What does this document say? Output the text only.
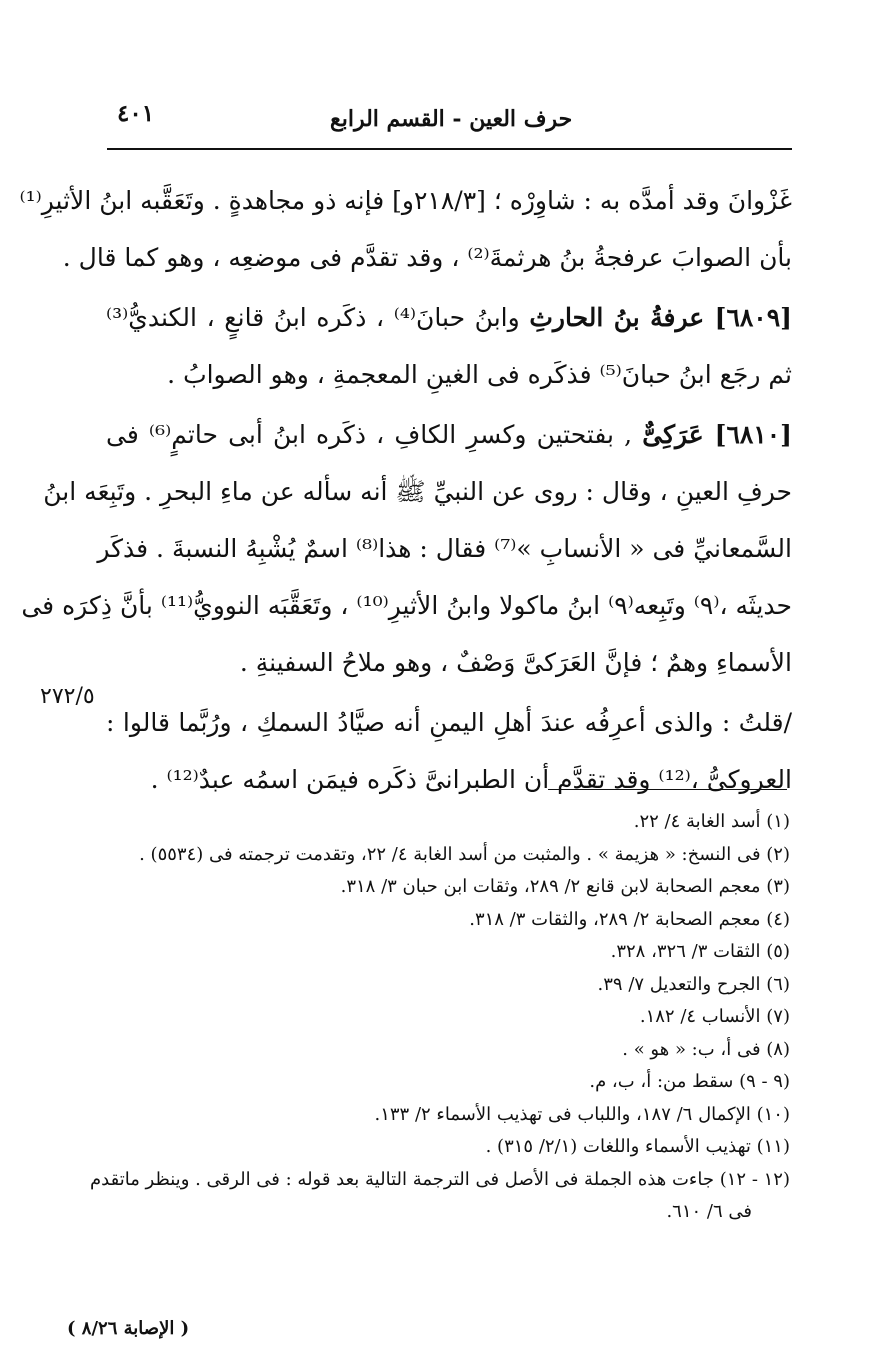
٤٠١	حرف العين - القسم الرابع
غَزْوانَ وقد أمدَّه به : شاوِرْه ؛ [٢١٨/٣و] فإنه ذو مجاهدةٍ . وتَعَقَّبه ابنُ الأثيرِ⁽¹⁾
بأن الصوابَ عرفجةُ بنُ هرثمةَ⁽²⁾ ، وقد تقدَّم فى موضعِه ، وهو كما قال .
[٦٨٠٩] عرفةُ بنُ الحارثِ وابنُ حبانَ⁽⁴⁾ ، ذكَره ابنُ قانعٍ ، الكنديُّ⁽³⁾
ثم رجَع ابنُ حبانَ⁽⁵⁾ فذكَره فى الغينِ المعجمةِ ، وهو الصوابُ .
[٦٨١٠] عَرَكِىٌّ , بفتحتين وكسرِ الكافِ ، ذكَره ابنُ أبى حاتمٍ⁽⁶⁾ فى
حرفِ العينِ ، وقال : روى عن النبيِّ ﷺ أنه سأله عن ماءِ البحرِ . وتَبِعَه ابنُ
السَّمعانيِّ فى « الأنسابِ »⁽⁷⁾ فقال : هذا⁽⁸⁾ اسمٌ يُشْبِهُ النسبةَ . فذكَر
حديثَه ،⁽٩⁾ وتَبِعه⁽٩⁾ ابنُ ماكولا وابنُ الأثيرِ⁽¹⁰⁾ ، وتَعَقَّبَه النوويُّ⁽¹¹⁾ بأنَّ ذِكرَه فى
الأسماءِ وهمٌ ؛ فإنَّ العَرَكىَّ وَصْفٌ ، وهو ملاحُ السفينةِ .
/قلتُ : والذى أعرِفُه عندَ أهلِ اليمنِ أنه صيَّادُ السمكِ ، ورُبَّما قالوا :
العروكىُّ ،⁽¹²⁾ وقد تقدَّم أن الطبرانىَّ ذكَره فيمَن اسمُه عبدٌ⁽¹²⁾ .
٢٧٢/٥
(١) أسد الغابة ٤/ ٢٢.
(٢) فى النسخ: « هزيمة » . والمثبت من أسد الغابة ٤/ ٢٢، وتقدمت ترجمته فى (٥٥٣٤) .
(٣) معجم الصحابة لابن قانع ٢/ ٢٨٩، وثقات ابن حبان ٣/ ٣١٨.
(٤) معجم الصحابة ٢/ ٢٨٩، والثقات ٣/ ٣١٨.
(٥) الثقات ٣/ ٣٢٦، ٣٢٨.
(٦) الجرح والتعديل ٧/ ٣٩.
(٧) الأنساب ٤/ ١٨٢.
(٨) فى أ، ب: « هو » .
(٩ - ٩) سقط من: أ، ب، م.
(١٠) الإكمال ٦/ ١٨٧، واللباب فى تهذيب الأسماء ٢/ ١٣٣.
(١١) تهذيب الأسماء واللغات (٢/١/ ٣١٥) .
(١٢ - ١٢) جاءت هذه الجملة فى الأصل فى الترجمة التالية بعد قوله : فى الرقى . وينظر ماتقدم
فى ٦/ ٦١٠.
( الإصابة ٨/٢٦ )
